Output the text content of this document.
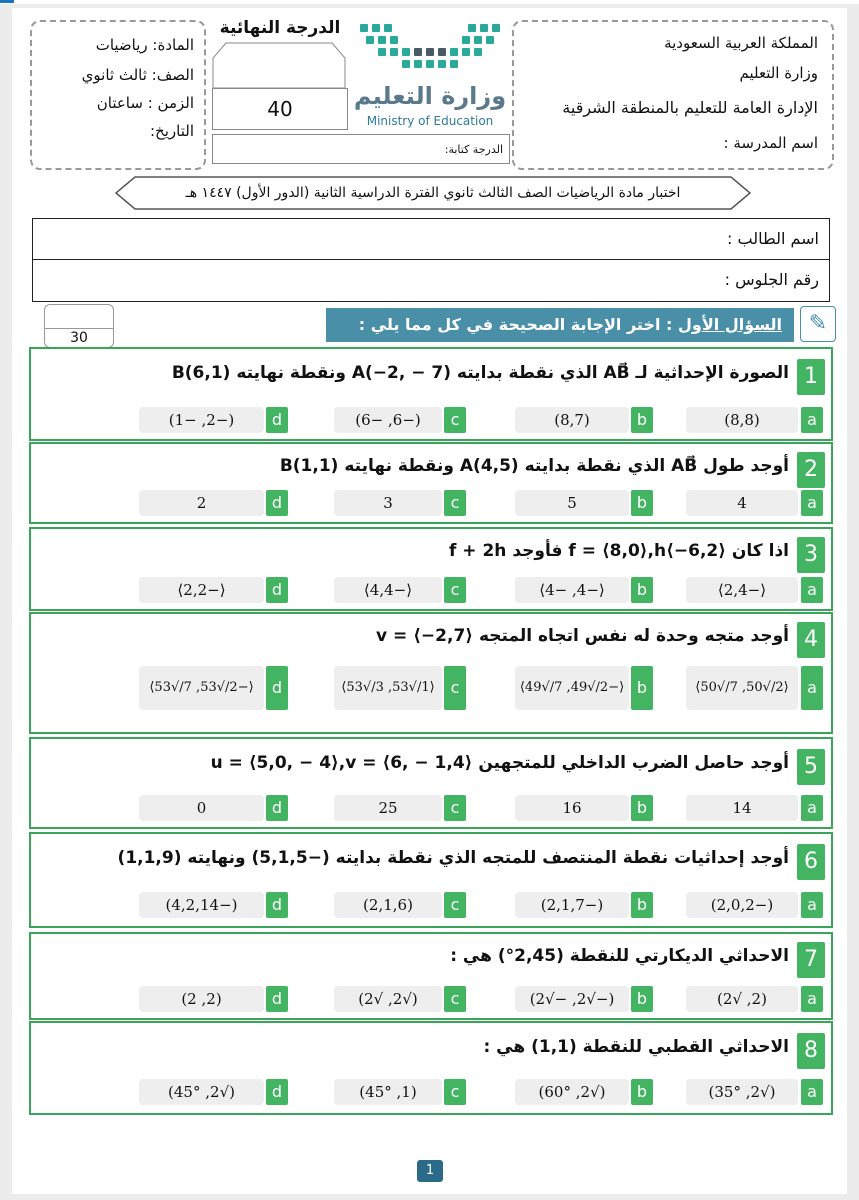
المملكة العربية السعودية
وزارة التعليم
الإدارة العامة للتعليم بالمنطقة الشرقية
اسم المدرسة :
المادة: رياضيات
الصف: ثالث ثانوي
الزمن : ساعتان
التاريخ:
الدرجة النهائية
40
الدرجة كتابة:
وزارة التعليم
Ministry of Education
اختبار مادة الرياضيات الصف الثالث ثانوي الفترة الدراسية الثانية (الدور الأول) ١٤٤٧ هـ
اسم الطالب :
رقم الجلوس :
30
السؤال الأول : اختر الإجابة الصحيحة في كل مما يلي :	✎
1
الصورة الإحداثية لـ AB⃗ الذي نقطة بدايته A(−2, − 7) ونقطة نهايته B(6,1)
a
(8,8)
b
(8,7)
c
(−6, −6)
d
(−2, −1)
2
أوجد طول AB⃗ الذي نقطة بدايته A(4,5) ونقطة نهايته B(1,1)
a
4
b
5
c
3
d
2
3
اذا كان f = ⟨8,0⟩,h⟨−6,2⟩ فأوجد f + 2h
a
⟨−2,4⟩
b
⟨−4, −4⟩
c
⟨−4,4⟩
d
⟨−2,2⟩
4
أوجد متجه وحدة له نفس اتجاه المتجه v = ⟨−2,7⟩
a
⟨2/√50, 7/√50⟩
b
⟨−2/√49, 7/√49⟩
c
⟨1/√53, 3/√53⟩
d
⟨−2/√53, 7/√53⟩
5
أوجد حاصل الضرب الداخلي للمتجهين u = ⟨5,0, − 4⟩,v = ⟨6, − 1,4⟩
a
14
b
16
c
25
d
0
6
أوجد إحداثيات نقطة المنتصف للمتجه الذي نقطة بدايته (−5,1,5) ونهايته (1,1,9)
a
(−2,0,2)
b
(−2,1,7)
c
(2,1,6)
d
(−4,2,14)
7
الاحداثي الديكارتي للنقطة (2,45°) هي :
a
(2, √2)
b
(−√2, −√2)
c
(√2, √2)
d
(2, 2)
8
الاحداثي القطبي للنقطة (1,1) هي :
a
(√2, 35°)
b
(√2, 60°)
c
(1, 45°)
d
(√2, 45°)
1
